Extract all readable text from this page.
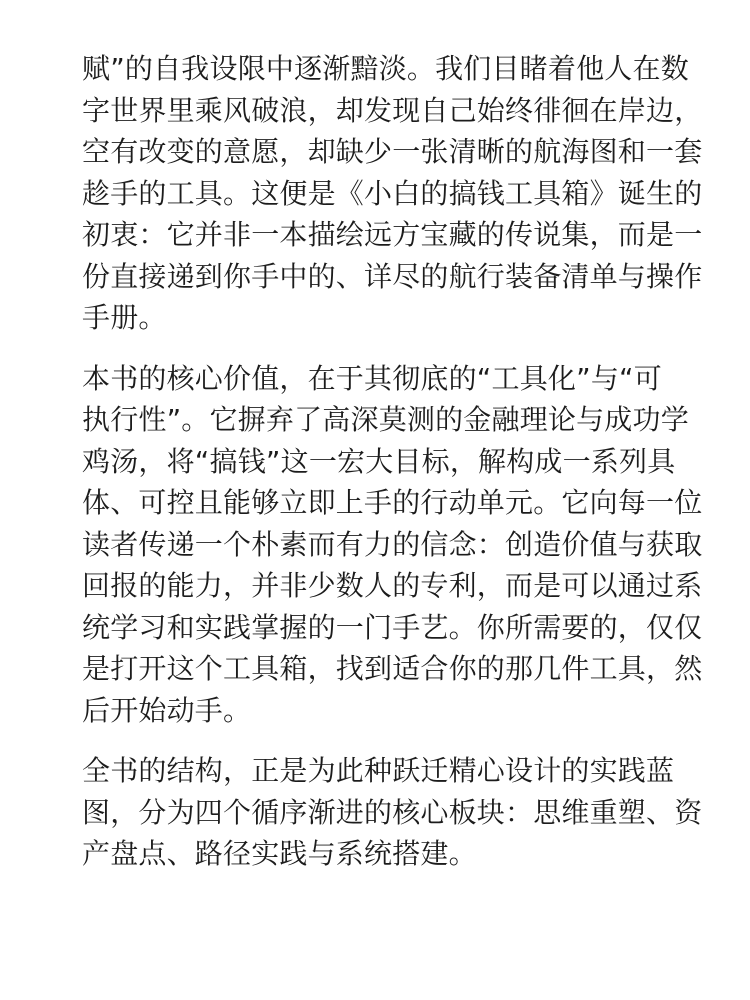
赋”的自我设限中逐渐黯淡。我们目睹着他人在数
字世界里乘风破浪，却发现自己始终徘徊在岸边，
空有改变的意愿，却缺少一张清晰的航海图和一套
趁手的工具。这便是《小白的搞钱工具箱》诞生的
初衷：它并非一本描绘远方宝藏的传说集，而是一
份直接递到你手中的、详尽的航行装备清单与操作
手册。

本书的核心价值，在于其彻底的“工具化”与“可
执行性”。它摒弃了高深莫测的金融理论与成功学
鸡汤，将“搞钱”这一宏大目标，解构成一系列具
体、可控且能够立即上手的行动单元。它向每一位
读者传递一个朴素而有力的信念：创造价值与获取
回报的能力，并非少数人的专利，而是可以通过系
统学习和实践掌握的一门手艺。你所需要的，仅仅
是打开这个工具箱，找到适合你的那几件工具，然
后开始动手。

全书的结构，正是为此种跃迁精心设计的实践蓝
图，分为四个循序渐进的核心板块：思维重塑、资
产盘点、路径实践与系统搭建。
